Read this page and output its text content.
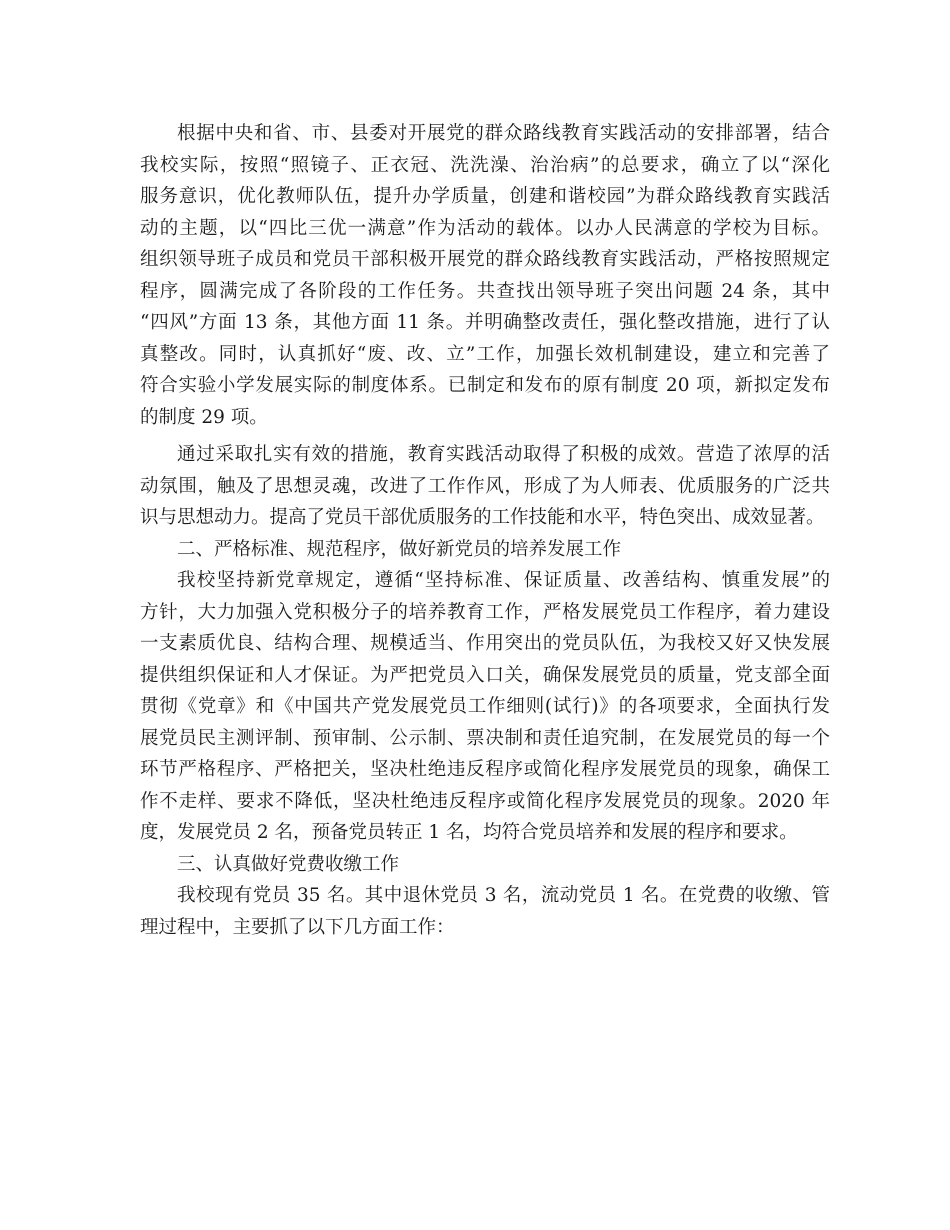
根据中央和省、市、县委对开展党的群众路线教育实践活动的安排部署，结合
我校实际，按照“照镜子、正衣冠、洗洗澡、治治病”的总要求，确立了以“深化
服务意识，优化教师队伍，提升办学质量，创建和谐校园”为群众路线教育实践活
动的主题，以“四比三优一满意”作为活动的载体。以办人民满意的学校为目标。
组织领导班子成员和党员干部积极开展党的群众路线教育实践活动，严格按照规定
程序，圆满完成了各阶段的工作任务。共查找出领导班子突出问题 24 条，其中
“四风”方面 13 条，其他方面 11 条。并明确整改责任，强化整改措施，进行了认
真整改。同时，认真抓好“废、改、立”工作，加强长效机制建设，建立和完善了
符合实验小学发展实际的制度体系。已制定和发布的原有制度 20 项，新拟定发布
的制度 29 项。
通过采取扎实有效的措施，教育实践活动取得了积极的成效。营造了浓厚的活
动氛围，触及了思想灵魂，改进了工作作风，形成了为人师表、优质服务的广泛共
识与思想动力。提高了党员干部优质服务的工作技能和水平，特色突出、成效显著。
二、严格标准、规范程序，做好新党员的培养发展工作
我校坚持新党章规定，遵循“坚持标准、保证质量、改善结构、慎重发展”的
方针，大力加强入党积极分子的培养教育工作，严格发展党员工作程序，着力建设
一支素质优良、结构合理、规模适当、作用突出的党员队伍，为我校又好又快发展
提供组织保证和人才保证。为严把党员入口关，确保发展党员的质量，党支部全面
贯彻《党章》和《中国共产党发展党员工作细则(试行)》的各项要求，全面执行发
展党员民主测评制、预审制、公示制、票决制和责任追究制，在发展党员的每一个
环节严格程序、严格把关，坚决杜绝违反程序或简化程序发展党员的现象，确保工
作不走样、要求不降低，坚决杜绝违反程序或简化程序发展党员的现象。2020 年
度，发展党员 2 名，预备党员转正 1 名，均符合党员培养和发展的程序和要求。
三、认真做好党费收缴工作
我校现有党员 35 名。其中退休党员 3 名，流动党员 1 名。在党费的收缴、管
理过程中，主要抓了以下几方面工作：
